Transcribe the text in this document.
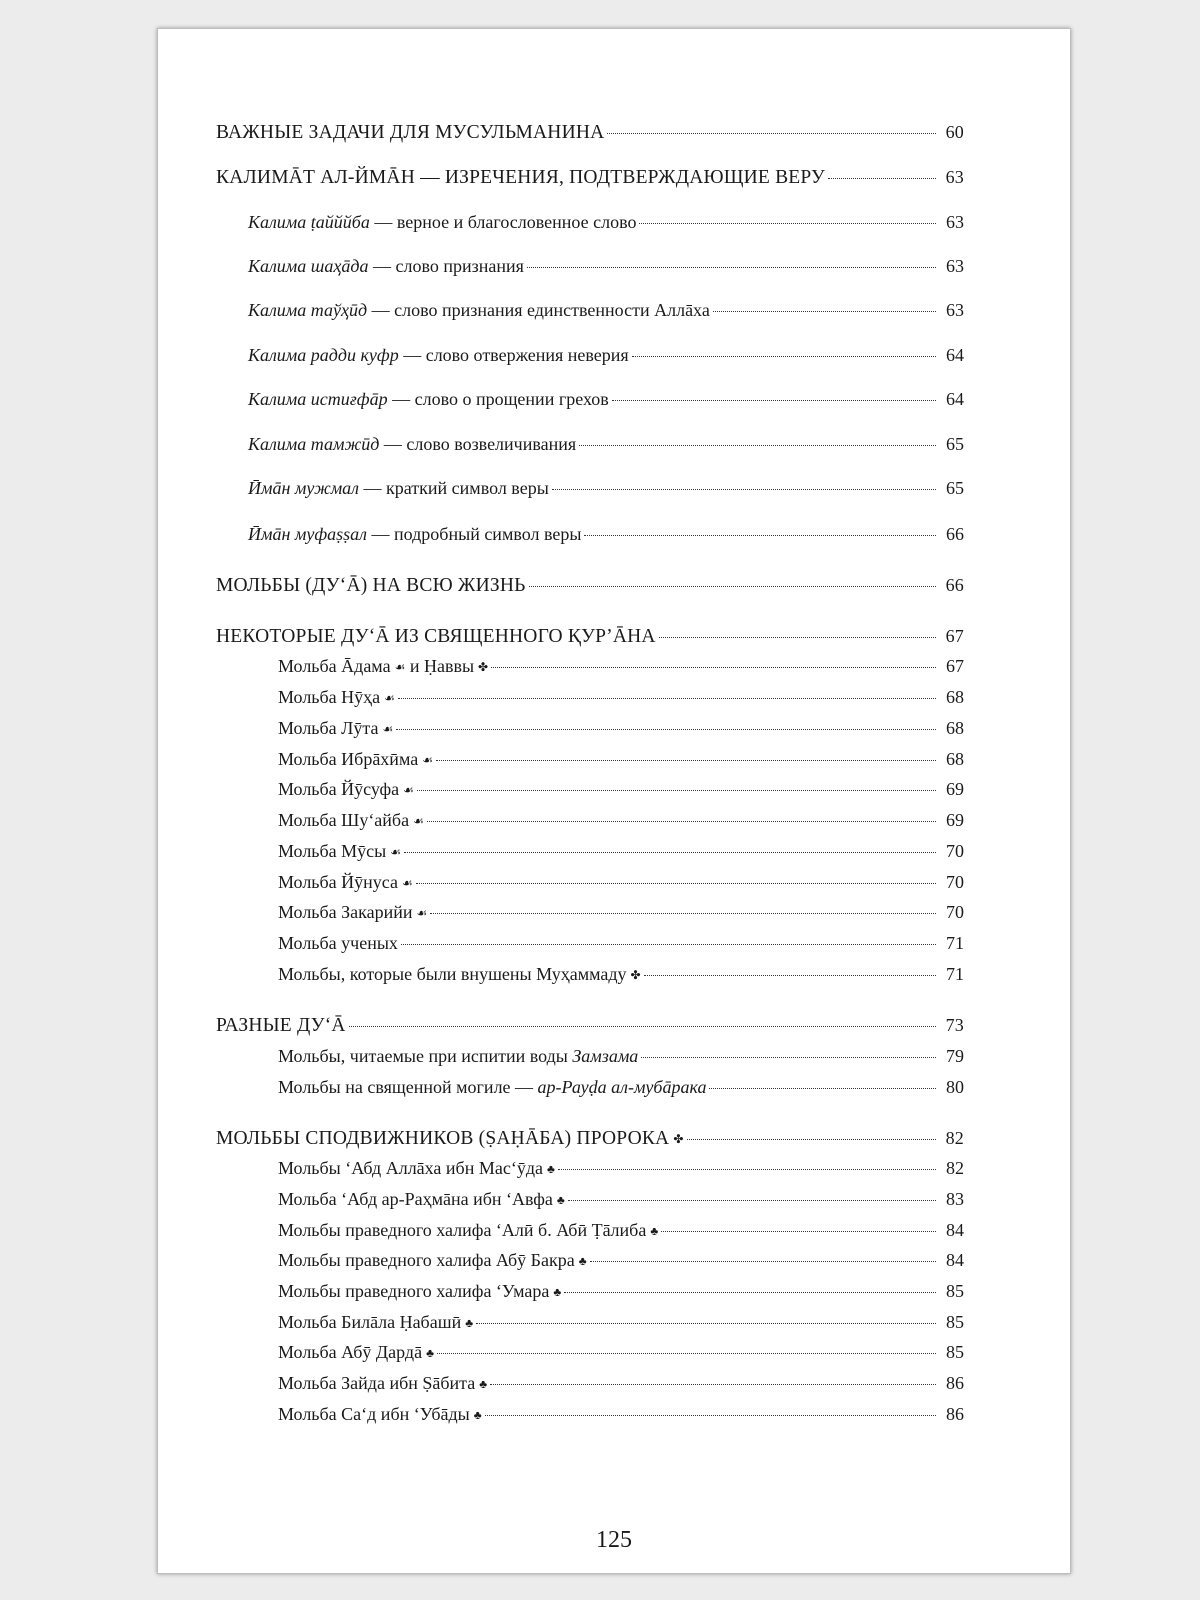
ВАЖНЫЕ ЗАДАЧИ ДЛЯ МУСУЛЬМАНИНА	60
КАЛИМĀТ АЛ-ЙМĀН — ИЗРЕЧЕНИЯ, ПОДТВЕРЖДАЮЩИЕ ВЕРУ	63
Калима ṭайййба — верное и благословенное слово	63
Калима шаҳāда — слово признания	63
Калима таўҳӣд — слово признания единственности Аллāха	63
Калима радди куфр — слово отвержения неверия	64
Калима истиғфāр — слово о прощении грехов	64
Калима тамжӣд — слово возвеличивания	65
Ӣмāн мужмал — краткий символ веры	65
Ӣмāн муфаṣṣал — подробный символ веры	66
МОЛЬБЫ (ДУ‘Ā) НА ВСЮ ЖИЗНЬ	66
НЕКОТОРЫЕ ДУ‘Ā ИЗ СВЯЩЕННОГО ҚУР’ĀНА	67
Мольба Āдама ☙ и Ḥаввы ✤	67
Мольба Нӯҳа ☙	68
Мольба Лӯта ☙	68
Мольба Ибрāхӣма ☙	68
Мольба Йӯсуфа ☙	69
Мольба Шу‘айба ☙	69
Мольба Мӯсы ☙	70
Мольба Йӯнуса ☙	70
Мольба Закарийи ☙	70
Мольба ученых	71
Мольбы, которые были внушены Муҳаммаду ✤	71
РАЗНЫЕ ДУ‘Ā	73
Мольбы, читаемые при испитии воды Замзама	79
Мольбы на священной могиле — ар-Рауḍа ал-мубāрака	80
МОЛЬБЫ СПОДВИЖНИКОВ (ṢАḤĀБА) ПРОРОКА ✤	82
Мольбы ‘Абд Аллāха ибн Мас‘ӯда ♣	82
Мольба ‘Абд ар-Раҳмāна ибн ‘Авфа ♣	83
Мольбы праведного халифа ‘Алӣ б. Абӣ Ṭāлиба ♣	84
Мольбы праведного халифа Абӯ Бакра ♣	84
Мольбы праведного халифа ‘Умара ♣	85
Мольба Билāла Ḥабашӣ ♣	85
Мольба Абӯ Дардā ♣	85
Мольба Зайда ибн Ṣāбита ♣	86
Мольба Са‘д ибн ‘Убāды ♣	86
125
